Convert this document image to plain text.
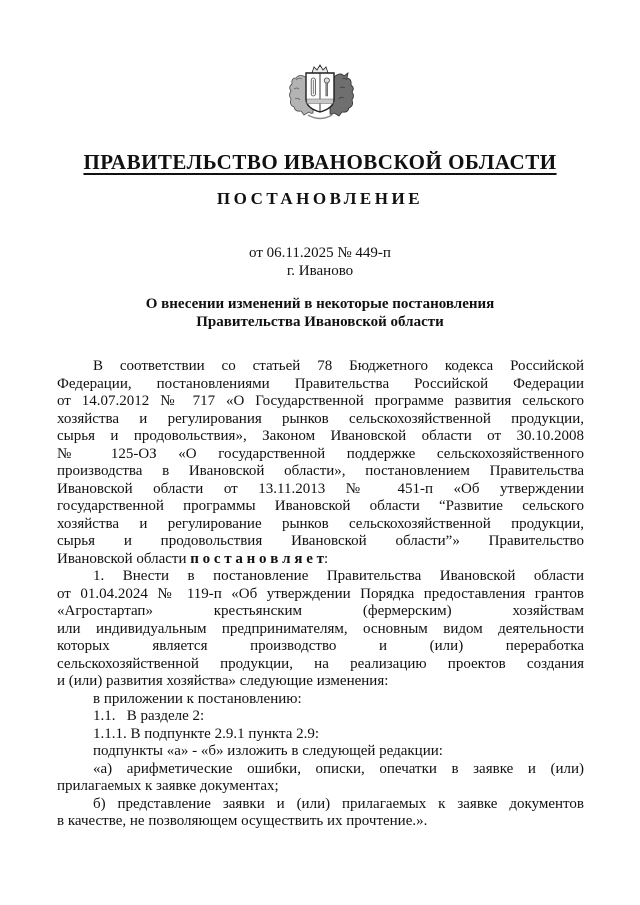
ПРАВИТЕЛЬСТВО ИВАНОВСКОЙ ОБЛАСТИ
ПОСТАНОВЛЕНИЕ
от 06.11.2025 № 449-п
г. Иваново
О внесении изменений в некоторые постановления
Правительства Ивановской области
В соответствии со статьей 78 Бюджетного кодекса Российской
Федерации, постановлениями Правительства Российской Федерации
от 14.07.2012 № 717 «О Государственной программе развития сельского
хозяйства и регулирования рынков сельскохозяйственной продукции,
сырья и продовольствия», Законом Ивановской области от 30.10.2008
№ 125-ОЗ «О государственной поддержке сельскохозяйственного
производства в Ивановской области», постановлением Правительства
Ивановской области от 13.11.2013 № 451-п «Об утверждении
государственной программы Ивановской области “Развитие сельского
хозяйства и регулирование рынков сельскохозяйственной продукции,
сырья и продовольствия Ивановской области”» Правительство
Ивановской области п о с т а н о в л я е т:
1. Внести в постановление Правительства Ивановской области
от 01.04.2024 № 119-п «Об утверждении Порядка предоставления грантов
«Агростартап» крестьянским (фермерским) хозяйствам
или индивидуальным предпринимателям, основным видом деятельности
которых является производство и (или) переработка
сельскохозяйственной продукции, на реализацию проектов создания
и (или) развития хозяйства» следующие изменения:
в приложении к постановлению:
1.1.   В разделе 2:
1.1.1. В подпункте 2.9.1 пункта 2.9:
подпункты «а» - «б» изложить в следующей редакции:
«а) арифметические ошибки, описки, опечатки в заявке и (или)
прилагаемых к заявке документах;
б) представление заявки и (или) прилагаемых к заявке документов
в качестве, не позволяющем осуществить их прочтение.».
